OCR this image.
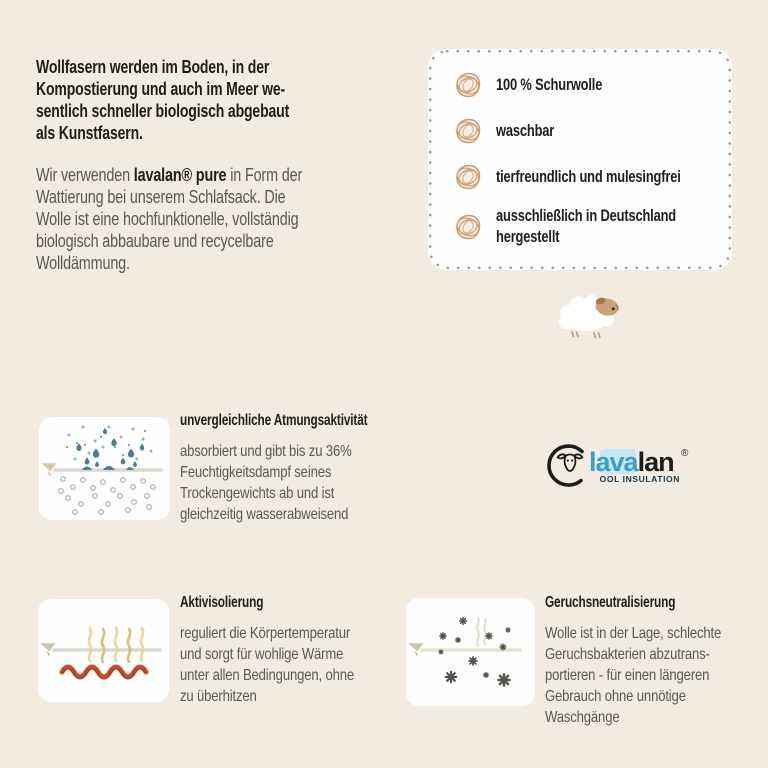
Wollfasern werden im Boden, in der
Kompostierung und auch im Meer we-
sentlich schneller biologisch abgebaut
als Kunstfasern.
Wir verwenden lavalan® pure in Form der
Wattierung bei unserem Schlafsack. Die
Wolle ist eine hochfunktionelle, vollständig
biologisch abbaubare und recycelbare
Wolldämmung.
100 % Schurwolle
waschbar
tierfreundlich und mulesingfrei
ausschließlich in Deutschland
hergestellt
unvergleichliche Atmungsaktivität
absorbiert und gibt bis zu 36%
Feuchtigkeitsdampf seines
Trockengewichts ab und ist
gleichzeitig wasserabweisend
lavalan ®
OOL INSULATION
Aktivisolierung
reguliert die Körpertemperatur
und sorgt für wohlige Wärme
unter allen Bedingungen, ohne
zu überhitzen
Geruchsneutralisierung
Wolle ist in der Lage, schlechte
Geruchsbakterien abzutrans-
portieren - für einen längeren
Gebrauch ohne unnötige
Waschgänge
